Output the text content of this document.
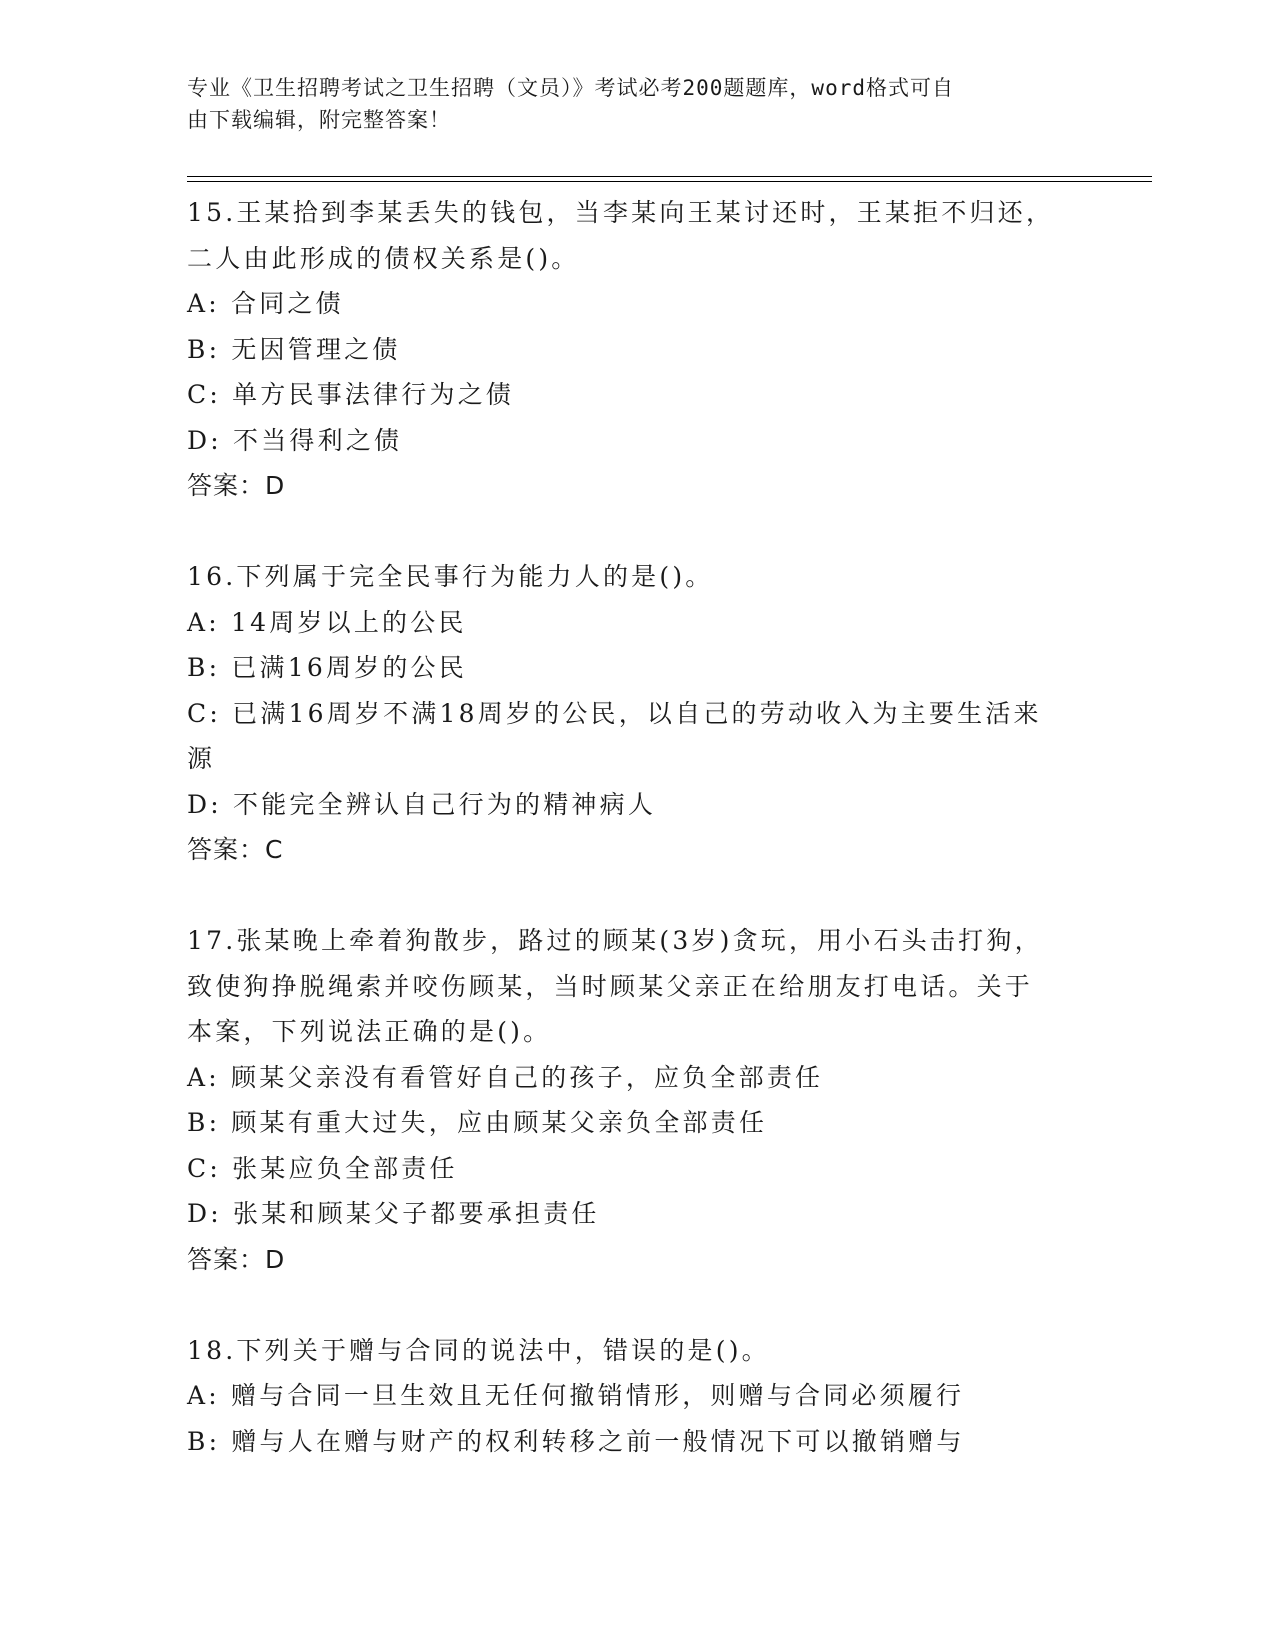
专业《卫生招聘考试之卫生招聘（文员）》考试必考200题题库，word格式可自
由下载编辑，附完整答案！
15.王某拾到李某丢失的钱包，当李某向王某讨还时，王某拒不归还，
二人由此形成的债权关系是()。
A: 合同之债
B: 无因管理之债
C: 单方民事法律行为之债
D: 不当得利之债
答案：D
16.下列属于完全民事行为能力人的是()。
A: 14周岁以上的公民
B: 已满16周岁的公民
C: 已满16周岁不满18周岁的公民，以自己的劳动收入为主要生活来
源
D: 不能完全辨认自己行为的精神病人
答案：C
17.张某晚上牵着狗散步，路过的顾某(3岁)贪玩，用小石头击打狗，
致使狗挣脱绳索并咬伤顾某，当时顾某父亲正在给朋友打电话。关于
本案，下列说法正确的是()。
A: 顾某父亲没有看管好自己的孩子，应负全部责任
B: 顾某有重大过失，应由顾某父亲负全部责任
C: 张某应负全部责任
D: 张某和顾某父子都要承担责任
答案：D
18.下列关于赠与合同的说法中，错误的是()。
A: 赠与合同一旦生效且无任何撤销情形，则赠与合同必须履行
B: 赠与人在赠与财产的权利转移之前一般情况下可以撤销赠与
